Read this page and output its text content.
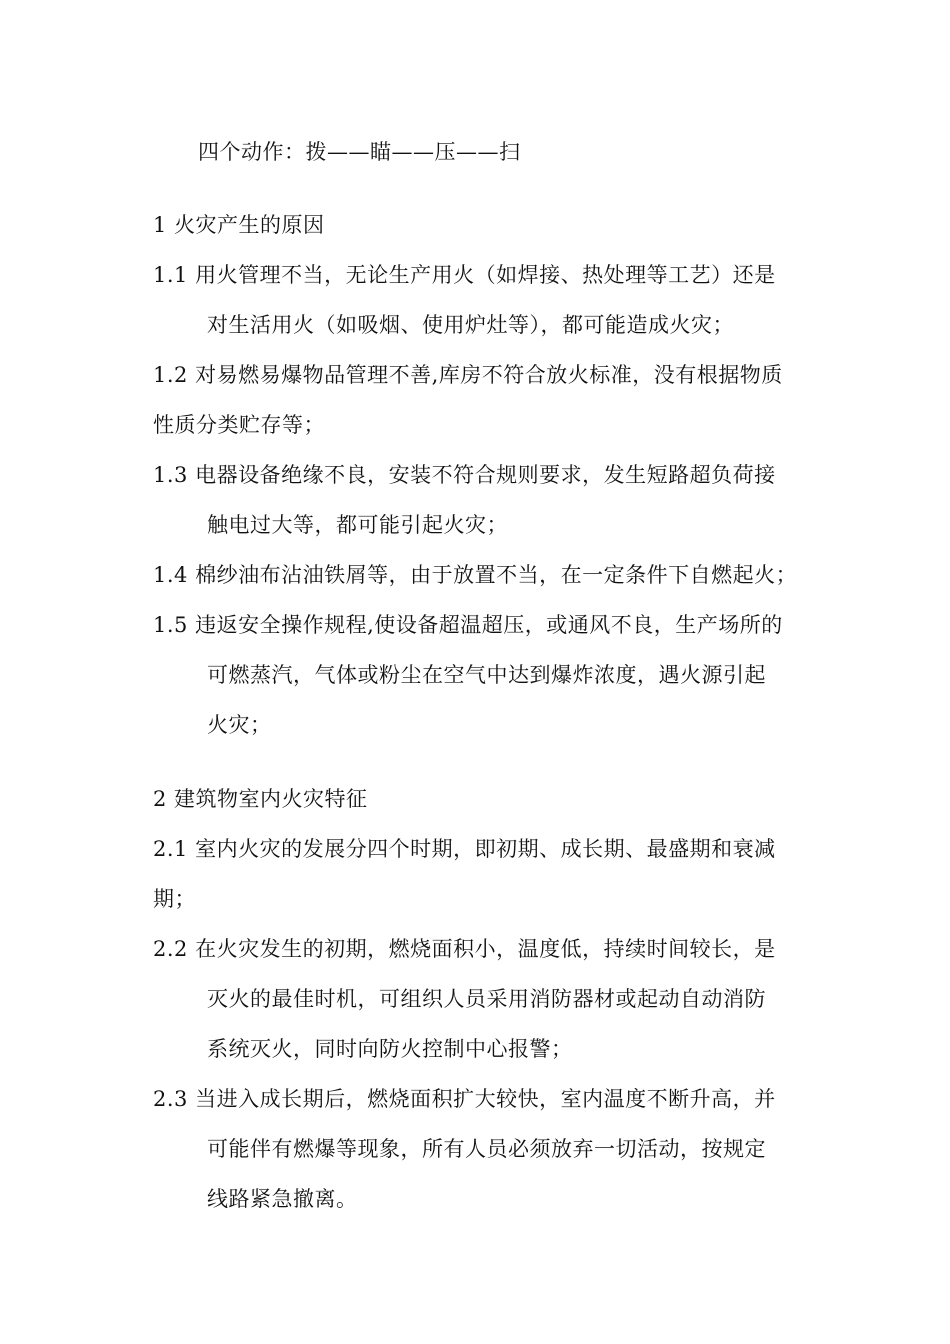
四个动作：拨——瞄——压——扫
1 火灾产生的原因
1.1 用火管理不当，无论生产用火（如焊接、热处理等工艺）还是
对生活用火（如吸烟、使用炉灶等），都可能造成火灾；
1.2 对易燃易爆物品管理不善,库房不符合放火标准，没有根据物质
性质分类贮存等；
1.3 电器设备绝缘不良，安装不符合规则要求，发生短路超负荷接
触电过大等，都可能引起火灾；
1.4 棉纱油布沾油铁屑等，由于放置不当，在一定条件下自燃起火；
1.5 违返安全操作规程,使设备超温超压，或通风不良，生产场所的
可燃蒸汽，气体或粉尘在空气中达到爆炸浓度，遇火源引起
火灾；
2 建筑物室内火灾特征
2.1 室内火灾的发展分四个时期，即初期、成长期、最盛期和衰减
期；
2.2 在火灾发生的初期，燃烧面积小，温度低，持续时间较长，是
灭火的最佳时机，可组织人员采用消防器材或起动自动消防
系统灭火，同时向防火控制中心报警；
2.3 当进入成长期后，燃烧面积扩大较快，室内温度不断升高，并
可能伴有燃爆等现象，所有人员必须放弃一切活动，按规定
线路紧急撤离。
